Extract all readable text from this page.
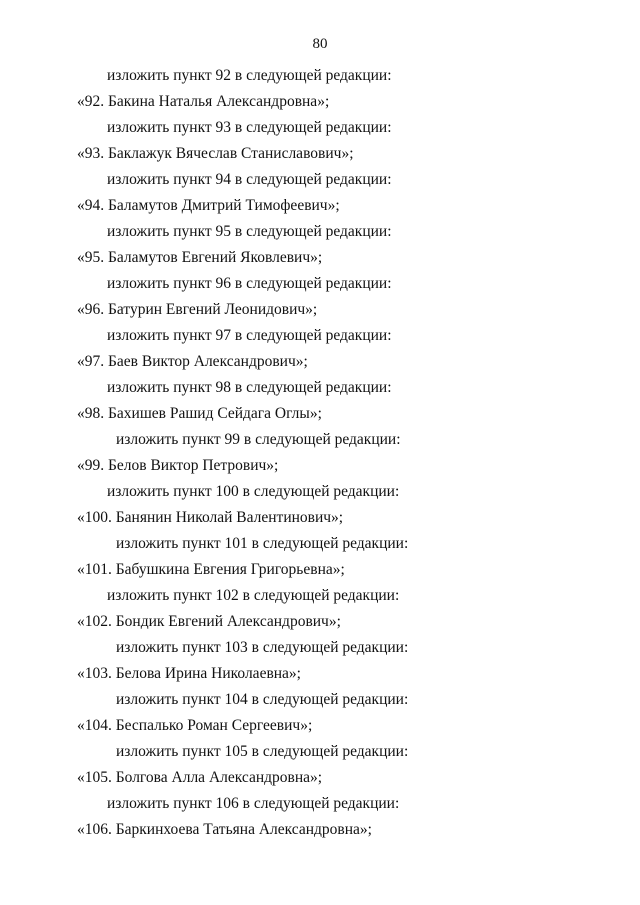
80
изложить пункт 92 в следующей редакции:
«92. Бакина Наталья Александровна»;
изложить пункт 93 в следующей редакции:
«93. Баклажук Вячеслав Станиславович»;
изложить пункт 94 в следующей редакции:
«94. Баламутов Дмитрий Тимофеевич»;
изложить пункт 95 в следующей редакции:
«95. Баламутов Евгений Яковлевич»;
изложить пункт 96 в следующей редакции:
«96. Батурин Евгений Леонидович»;
изложить пункт 97 в следующей редакции:
«97. Баев Виктор Александрович»;
изложить пункт 98 в следующей редакции:
«98. Бахишев Рашид Сейдага Оглы»;
изложить пункт 99 в следующей редакции:
«99. Белов Виктор Петрович»;
изложить пункт 100 в следующей редакции:
«100. Банянин Николай Валентинович»;
изложить пункт 101 в следующей редакции:
«101. Бабушкина Евгения Григорьевна»;
изложить пункт 102 в следующей редакции:
«102. Бондик Евгений Александрович»;
изложить пункт 103 в следующей редакции:
«103. Белова Ирина Николаевна»;
изложить пункт 104 в следующей редакции:
«104. Беспалько Роман Сергеевич»;
изложить пункт 105 в следующей редакции:
«105. Болгова Алла Александровна»;
изложить пункт 106 в следующей редакции:
«106. Баркинхоева Татьяна Александровна»;
